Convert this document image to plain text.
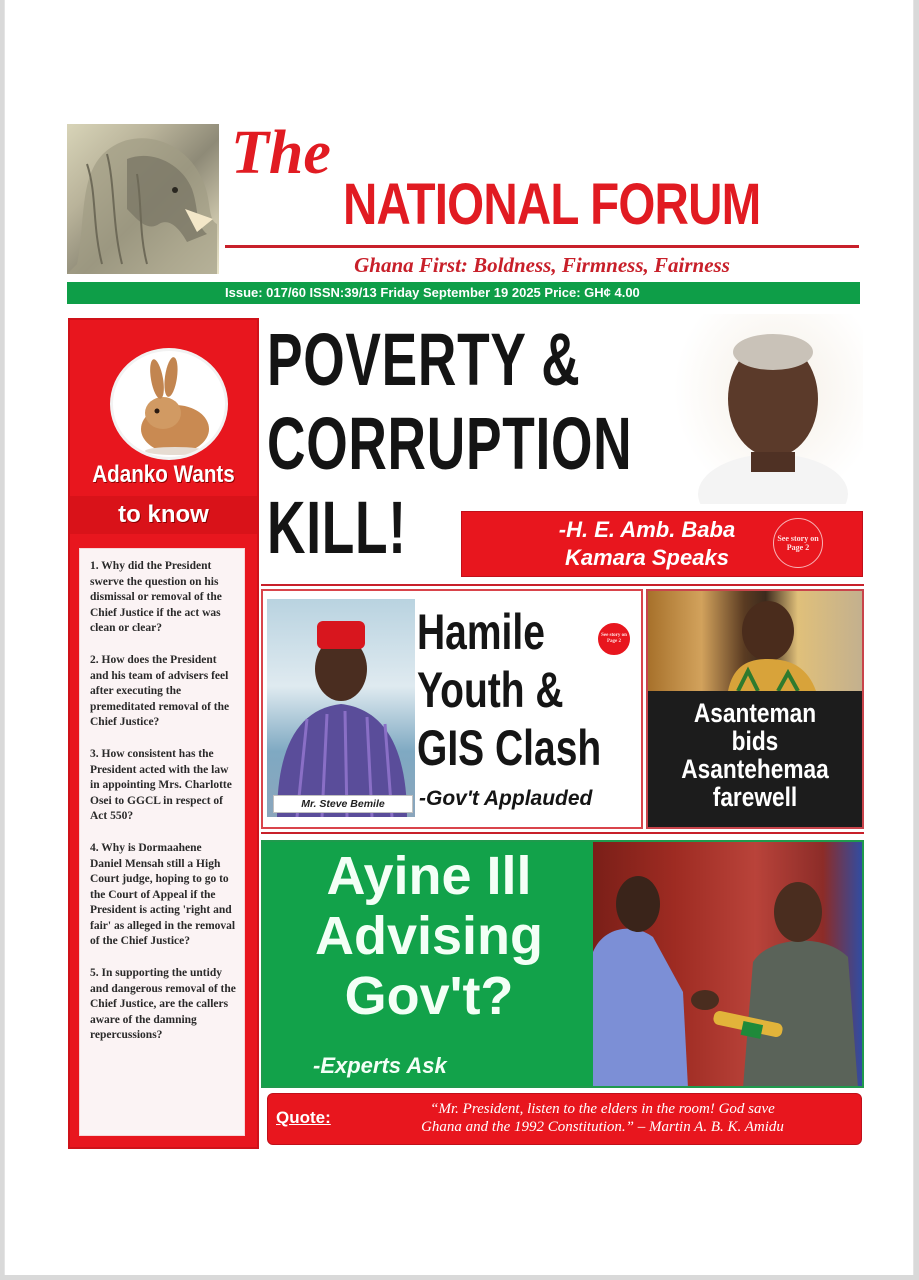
The
NATIONAL FORUM
Ghana First: Boldness, Firmness, Fairness
Issue: 017/60 ISSN:39/13 Friday September 19 2025 Price: GH¢ 4.00
Adanko Wants
to know

1. Why did the President swerve the question on his dismissal or removal of the Chief Justice if the act was clean or clear?

2. How does the President and his team of advisers feel after executing the premeditated removal of the Chief Justice?

3. How consistent has the President acted with the law in appointing Mrs. Charlotte Osei to GGCL in respect of Act 550?

4. Why is Dormaahene Daniel Mensah still a High Court judge, hoping to go to the Court of Appeal if the President is acting 'right and fair' as alleged in the removal of the Chief Justice?

5. In supporting the untidy and dangerous removal of the Chief Justice, are the callers aware of the damning repercussions?

POVERTY &
CORRUPTION
KILL!	-H. E. Amb. Baba
Kamara Speaks
See story on Page 2
Mr. Steve Bemile
Hamile
Youth &
GIS Clash
-Gov't Applauded
See story on Page 2
Asanteman
bids
Asantehemaa
farewell
Ayine Ill
Advising
Gov't?
-Experts Ask
Quote:	“Mr. President, listen to the elders in the room! God save
Ghana and the 1992 Constitution.” – Martin A. B. K. Amidu
